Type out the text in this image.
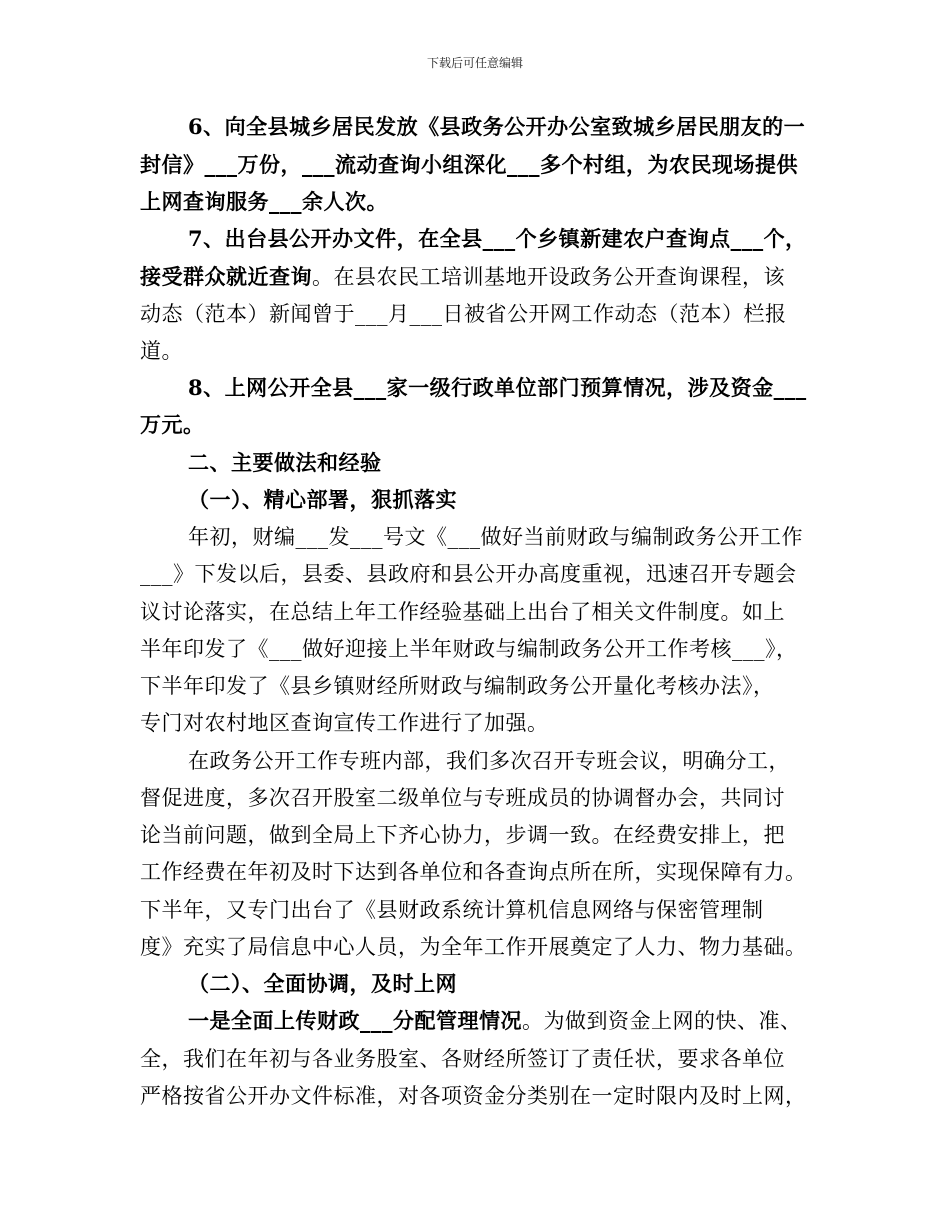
下载后可任意编辑
6、向全县城乡居民发放《县政务公开办公室致城乡居民朋友的一
封信》___万份，___流动查询小组深化___多个村组，为农民现场提供
上网查询服务___余人次。
7、出台县公开办文件，在全县___个乡镇新建农户查询点___个，
接受群众就近查询。在县农民工培训基地开设政务公开查询课程，该
动态（范本）新闻曾于___月___日被省公开网工作动态（范本）栏报
道。
8、上网公开全县___家一级行政单位部门预算情况，涉及资金___
万元。
二、主要做法和经验
（一）、精心部署，狠抓落实
年初，财编___发___号文《___做好当前财政与编制政务公开工作
___》下发以后，县委、县政府和县公开办高度重视，迅速召开专题会
议讨论落实，在总结上年工作经验基础上出台了相关文件制度。如上
半年印发了《___做好迎接上半年财政与编制政务公开工作考核___》，
下半年印发了《县乡镇财经所财政与编制政务公开量化考核办法》，
专门对农村地区查询宣传工作进行了加强。
在政务公开工作专班内部，我们多次召开专班会议，明确分工，
督促进度，多次召开股室二级单位与专班成员的协调督办会，共同讨
论当前问题，做到全局上下齐心协力，步调一致。在经费安排上，把
工作经费在年初及时下达到各单位和各查询点所在所，实现保障有力。
下半年，又专门出台了《县财政系统计算机信息网络与保密管理制
度》充实了局信息中心人员，为全年工作开展奠定了人力、物力基础。
（二）、全面协调，及时上网
一是全面上传财政___分配管理情况。为做到资金上网的快、准、
全，我们在年初与各业务股室、各财经所签订了责任状，要求各单位
严格按省公开办文件标准，对各项资金分类别在一定时限内及时上网，
